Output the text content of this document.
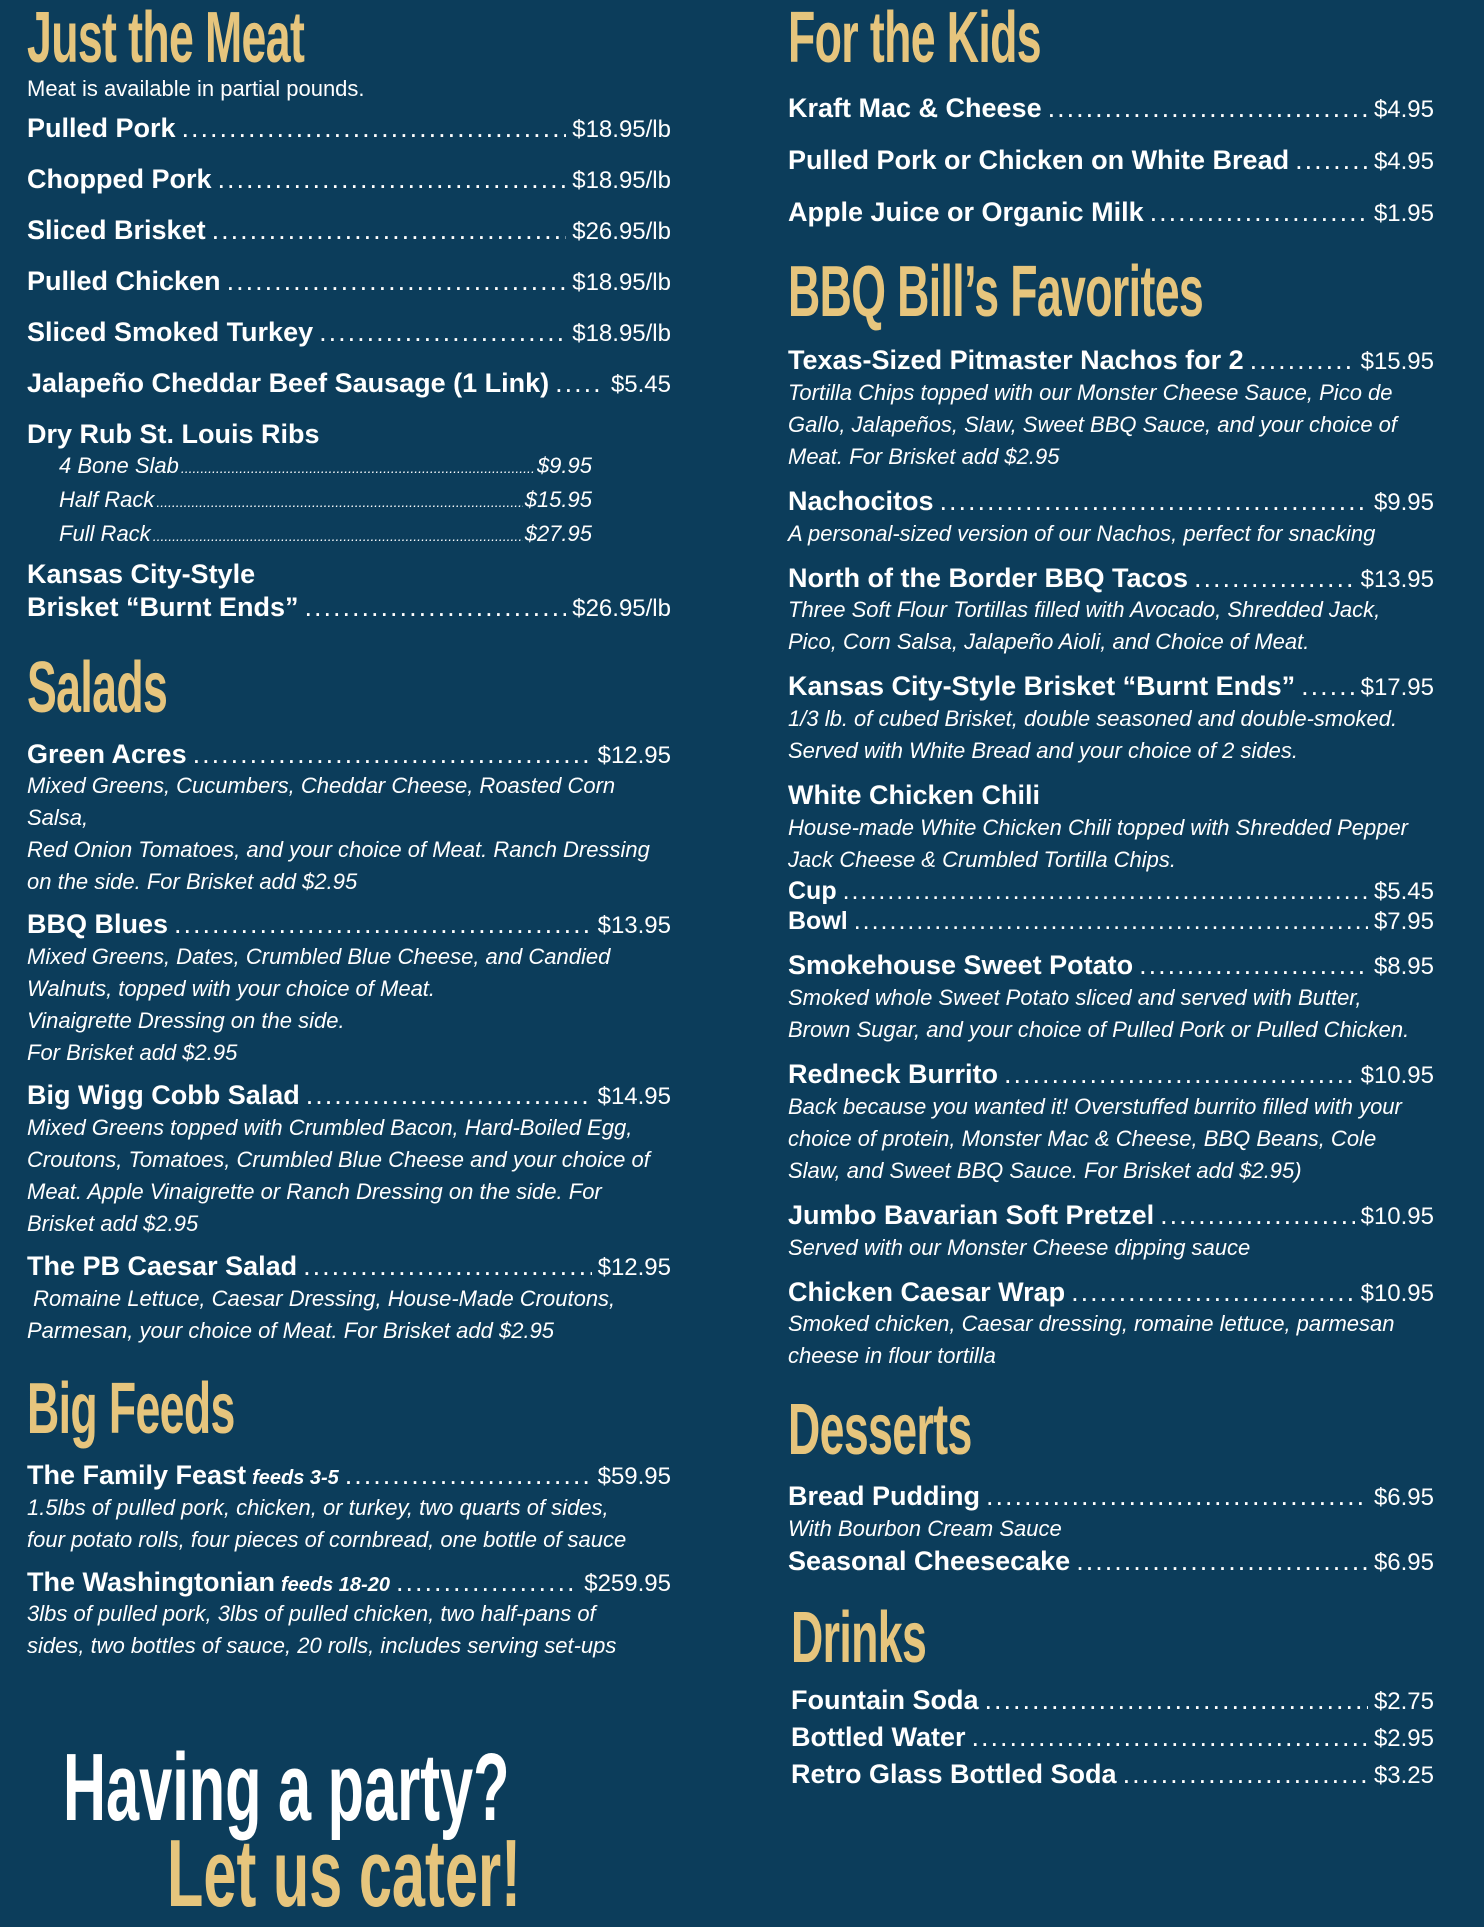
Just the Meat
Meat is available in partial pounds.
Pulled Pork .....	$18.95/lb
Chopped Pork .....	$18.95/lb
Sliced Brisket .....	$26.95/lb
Pulled Chicken .....	$18.95/lb
Sliced Smoked Turkey .....	$18.95/lb
Jalapeño Cheddar Beef Sausage (1 Link) .....	$5.45
Dry Rub St. Louis Ribs
4 Bone Slab .....	$9.95
Half Rack .....	$15.95
Full Rack .....	$27.95
Kansas City-Style
Brisket “Burnt Ends” .....	$26.95/lb
Salads
Green Acres .....	$12.95
Mixed Greens, Cucumbers, Cheddar Cheese, Roasted Corn Salsa,
Red Onion Tomatoes, and your choice of Meat. Ranch Dressing
on the side. For Brisket add $2.95
BBQ Blues .....	$13.95
Mixed Greens, Dates, Crumbled Blue Cheese, and Candied
Walnuts, topped with your choice of Meat.
Vinaigrette Dressing on the side.
For Brisket add $2.95
Big Wigg Cobb Salad .....	$14.95
Mixed Greens topped with Crumbled Bacon, Hard-Boiled Egg,
Croutons, Tomatoes, Crumbled Blue Cheese and your choice of
Meat. Apple Vinaigrette or Ranch Dressing on the side. For
Brisket add $2.95
The PB Caesar Salad .....	$12.95
Romaine Lettuce, Caesar Dressing, House-Made Croutons,
Parmesan, your choice of Meat. For Brisket add $2.95
Big Feeds
The Family Feast feeds 3-5 .....	$59.95
1.5lbs of pulled pork, chicken, or turkey, two quarts of sides,
four potato rolls, four pieces of cornbread, one bottle of sauce
The Washingtonian feeds 18-20 .....	$259.95
3lbs of pulled pork, 3lbs of pulled chicken, two half-pans of
sides, two bottles of sauce, 20 rolls, includes serving set-ups
Having a party?
Let us cater!
For the Kids
Kraft Mac & Cheese .....	$4.95
Pulled Pork or Chicken on White Bread .....	$4.95
Apple Juice or Organic Milk .....	$1.95
BBQ Bill’s Favorites
Texas-Sized Pitmaster Nachos for 2 .....	$15.95
Tortilla Chips topped with our Monster Cheese Sauce, Pico de
Gallo, Jalapeños, Slaw, Sweet BBQ Sauce, and your choice of
Meat. For Brisket add $2.95
Nachocitos .....	$9.95
A personal-sized version of our Nachos, perfect for snacking
North of the Border BBQ Tacos .....	$13.95
Three Soft Flour Tortillas filled with Avocado, Shredded Jack,
Pico, Corn Salsa, Jalapeño Aioli, and Choice of Meat.
Kansas City-Style Brisket “Burnt Ends” .....	$17.95
1/3 lb. of cubed Brisket, double seasoned and double-smoked.
Served with White Bread and your choice of 2 sides.
White Chicken Chili
House-made White Chicken Chili topped with Shredded Pepper
Jack Cheese & Crumbled Tortilla Chips.
Cup .....	$5.45
Bowl .....	$7.95
Smokehouse Sweet Potato .....	$8.95
Smoked whole Sweet Potato sliced and served with Butter,
Brown Sugar, and your choice of Pulled Pork or Pulled Chicken.
Redneck Burrito .....	$10.95
Back because you wanted it! Overstuffed burrito filled with your
choice of protein, Monster Mac & Cheese, BBQ Beans, Cole
Slaw, and Sweet BBQ Sauce. For Brisket add $2.95)
Jumbo Bavarian Soft Pretzel .....	$10.95
Served with our Monster Cheese dipping sauce
Chicken Caesar Wrap .....	$10.95
Smoked chicken, Caesar dressing, romaine lettuce, parmesan
cheese in flour tortilla
Desserts
Bread Pudding .....	$6.95
With Bourbon Cream Sauce
Seasonal Cheesecake .....	$6.95
Drinks
Fountain Soda .....	$2.75
Bottled Water .....	$2.95
Retro Glass Bottled Soda .....	$3.25
